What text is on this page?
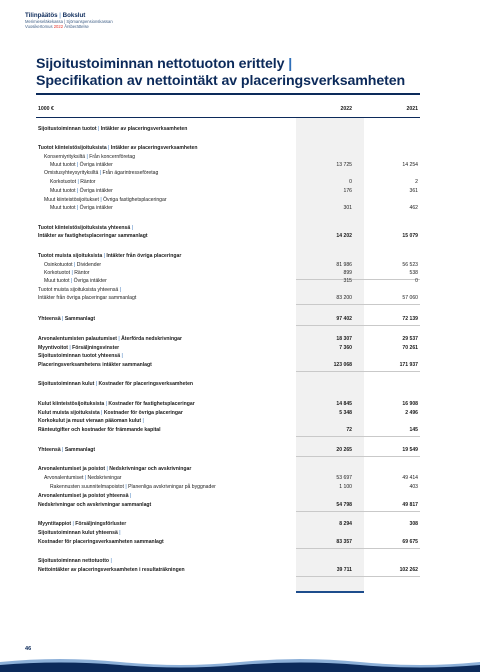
Tilinpäätös | Bokslut
Merimieseläkekassa | Sjömanspensionskassan
Vuosikertomus 2022 Årsberättelse
Sijoitustoiminnan nettotuoton erittely |
Specifikation av nettointäkt av placeringsverksamheten
1000 €	2022	2021
Sijoitustoiminnan tuotot | Intäkter av placeringsverksamheten
Tuotot kiinteistösijoituksista | Intäkter av placeringsverksamheten
Konserniyrityksiltä | Från koncernföretag
Muut tuotot | Övriga intäkter	13 725	14 254
Omistusyhteysyrityksiltä | Från ägarintresseföretag
Korkotuotot | Räntor	0	2
Muut tuotot | Övriga intäkter	176	361
Muut kiinteistösijoitukset | Övriga fastighetsplaceringar
Muut tuotot | Övriga intäkter	301	462
Tuotot kiinteistösijoituksista yhteensä |
Intäkter av fastighetsplaceringar sammanlagt	14 202	15 079
Tuotot muista sijoituksista | Intäkter från övriga placeringar
Osinkotuotot | Dividender	81 986	56 523
Korkotuotot | Räntor	899	538
Muut tuotot | Övriga intäkter	315	0
Tuotot muista sijoituksista yhteensä |
Intäkter från övriga placeringar sammanlagt	83 200	57 060
Yhteensä | Sammanlagt	97 402	72 139
Arvonalentumisten palautumiset | Återförda nedskrivningar	18 307	29 537
Myyntivoitot | Försäljningsvinster	7 360	70 261
Sijoitustoiminnan tuotot yhteensä |
Placeringsverksamhetens intäkter sammanlagt	123 068	171 937
Sijoitustoiminnan kulut | Kostnader för placeringsverksamheten
Kulut kiinteistösijoituksista | Kostnader för fastighetsplaceringar	14 845	16 908
Kulut muista sijoituksista | Kostnader för övriga placeringar	5 348	2 496
Korkokulut ja muut vieraan pääoman kulut |
Ränteutgifter och kostnader för främmande kapital	72	145
Yhteensä | Sammanlagt	20 265	19 549
Arvonalentumiset ja poistot | Nedskrivningar och avskrivningar
Arvonalentumiset | Nedskrivningar	53 697	49 414
Rakennusten suunnitelmapoistot | Planenliga avskrivningar på byggnader	1 100	403
Arvonalentumiset ja poistot yhteensä |
Nedskrivningar och avskrivningar sammanlagt	54 798	49 817
Myyntitappiot | Försäljningsförluster	8 294	308
Sijoitustoiminnan kulut yhteensä |
Kostnader för placeringsverksamheten sammanlagt	83 357	69 675
Sijoitustoiminnan nettotuotto |
Nettointäkter av placeringsverksamheten i resultaträkningen	39 711	102 262
46
